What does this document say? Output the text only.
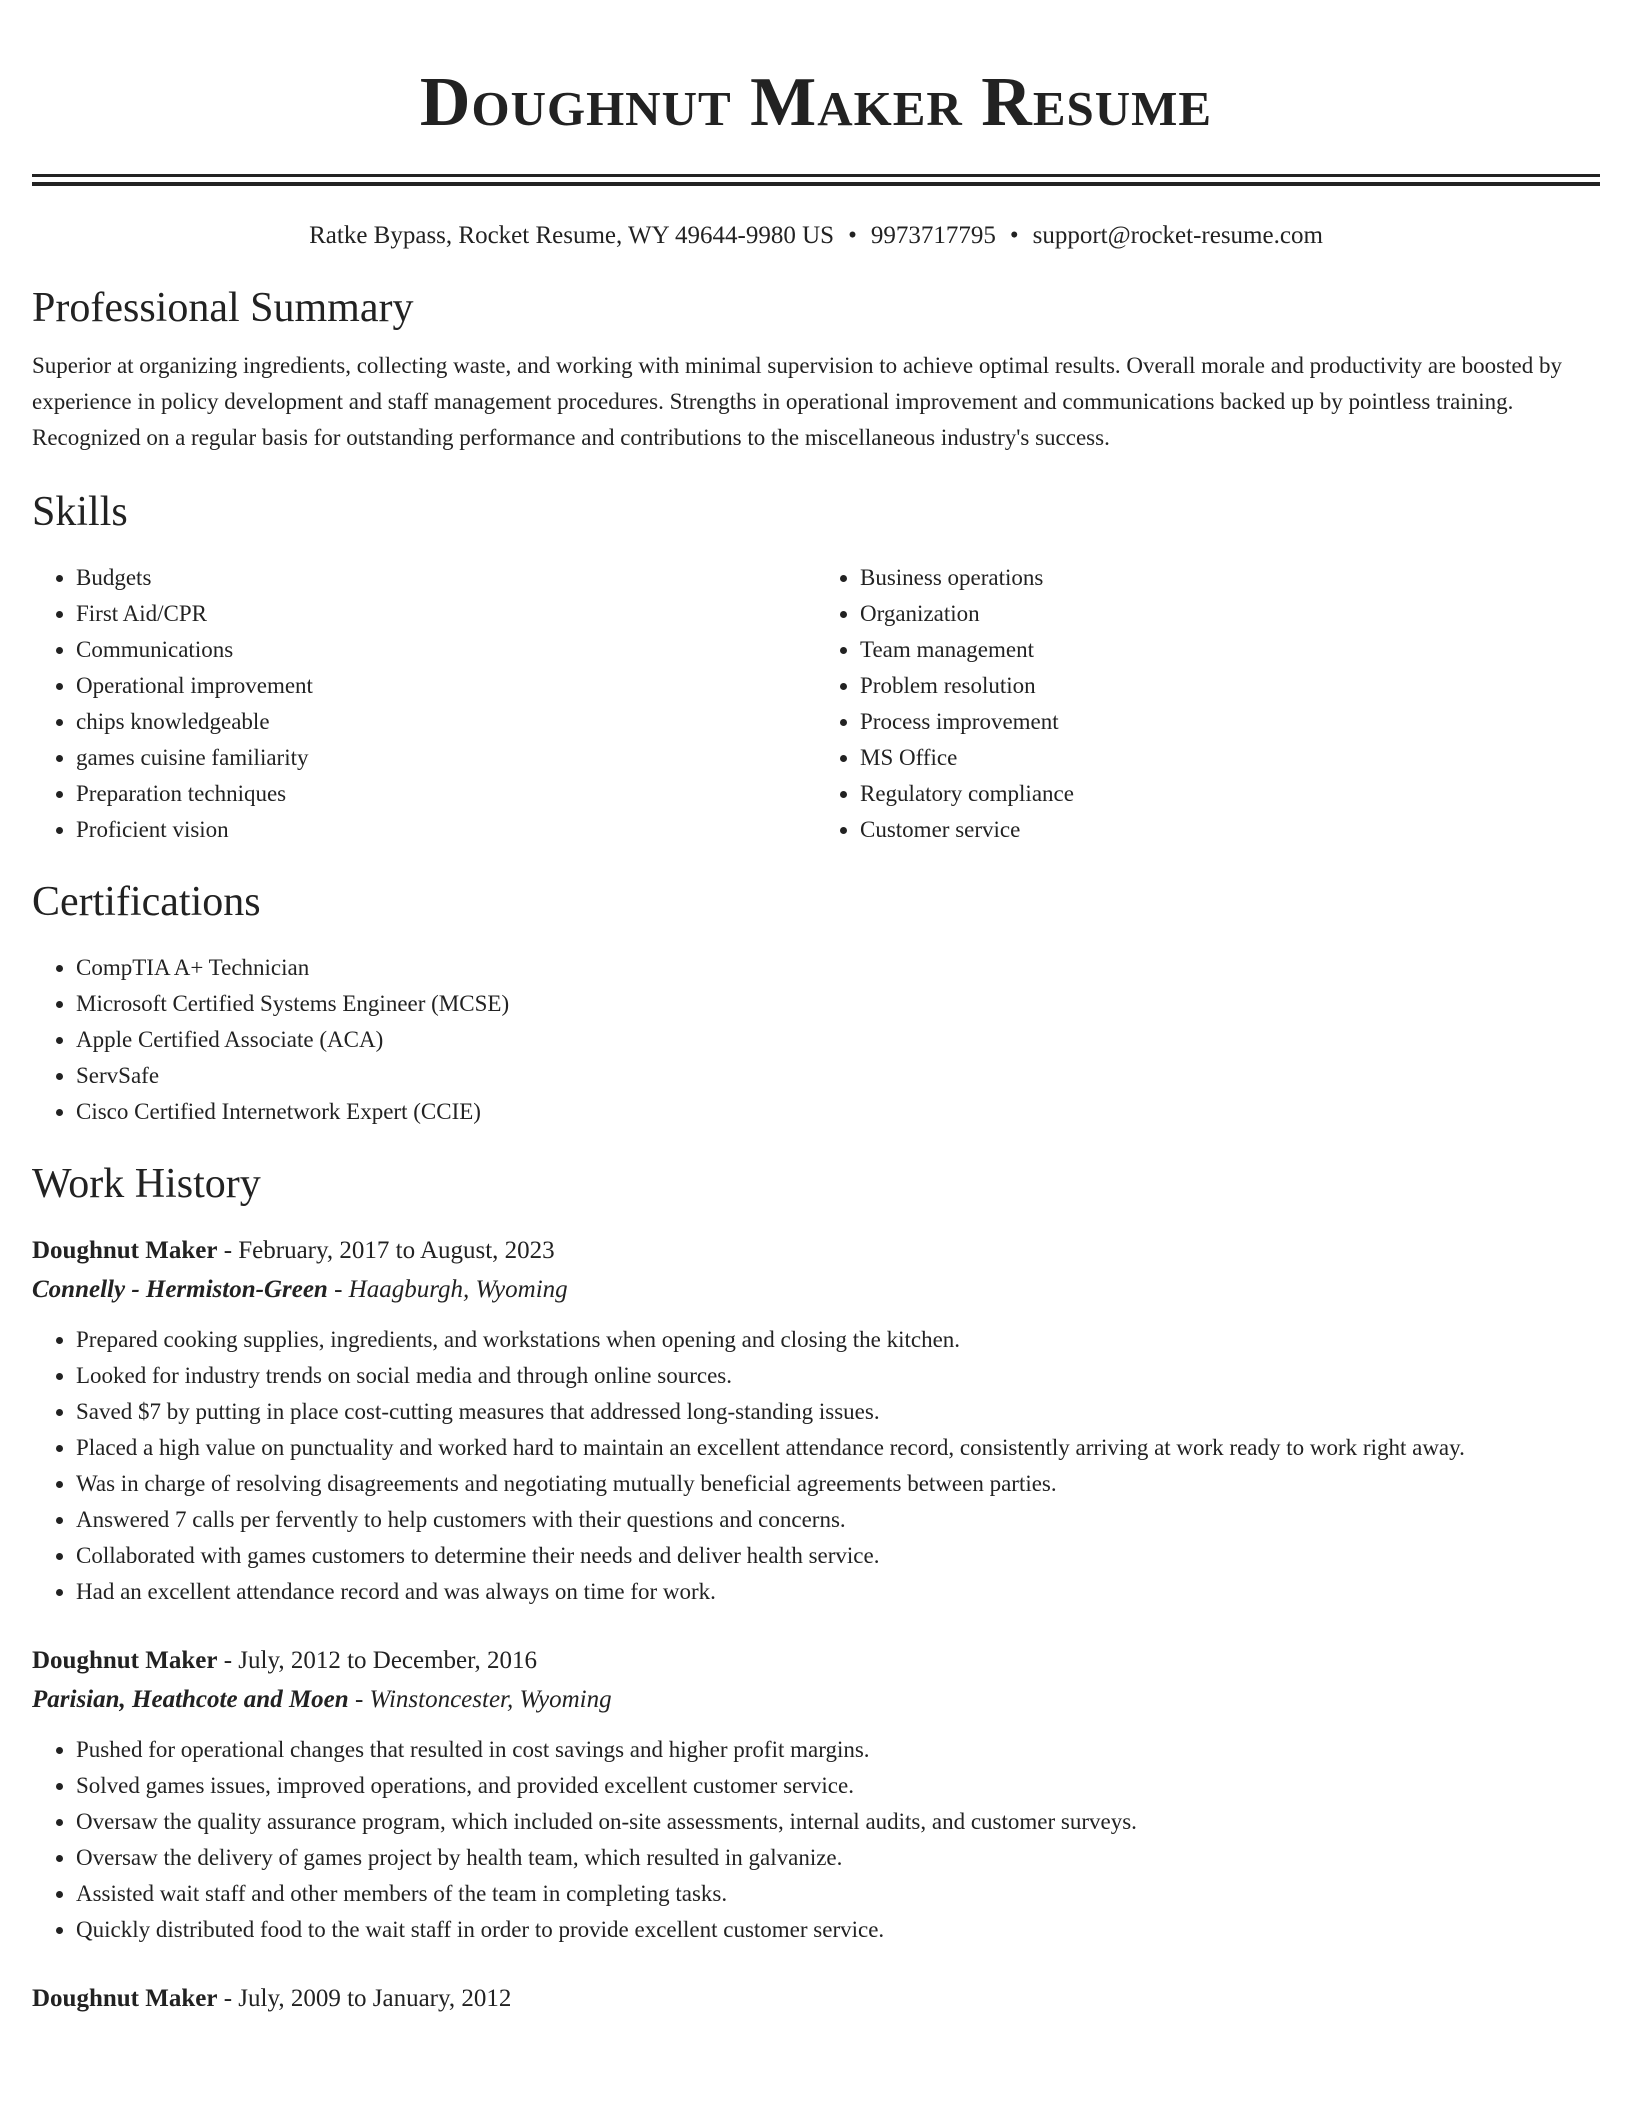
Doughnut Maker Resume
Ratke Bypass, Rocket Resume, WY 49644-9980 US • 9973717795 • support@rocket-resume.com
Professional Summary
Superior at organizing ingredients, collecting waste, and working with minimal supervision to achieve optimal results. Overall morale and productivity are boosted by experience in policy development and staff management procedures. Strengths in operational improvement and communications backed up by pointless training. Recognized on a regular basis for outstanding performance and contributions to the miscellaneous industry's success.
Skills
• Budgets
• First Aid/CPR
• Communications
• Operational improvement
• chips knowledgeable
• games cuisine familiarity
• Preparation techniques
• Proficient vision
• Business operations
• Organization
• Team management
• Problem resolution
• Process improvement
• MS Office
• Regulatory compliance
• Customer service
Certifications
• CompTIA A+ Technician
• Microsoft Certified Systems Engineer (MCSE)
• Apple Certified Associate (ACA)
• ServSafe
• Cisco Certified Internetwork Expert (CCIE)
Work History
Doughnut Maker - February, 2017 to August, 2023
Connelly - Hermiston-Green - Haagburgh, Wyoming
• Prepared cooking supplies, ingredients, and workstations when opening and closing the kitchen.
• Looked for industry trends on social media and through online sources.
• Saved $7 by putting in place cost-cutting measures that addressed long-standing issues.
• Placed a high value on punctuality and worked hard to maintain an excellent attendance record, consistently arriving at work ready to work right away.
• Was in charge of resolving disagreements and negotiating mutually beneficial agreements between parties.
• Answered 7 calls per fervently to help customers with their questions and concerns.
• Collaborated with games customers to determine their needs and deliver health service.
• Had an excellent attendance record and was always on time for work.
Doughnut Maker - July, 2012 to December, 2016
Parisian, Heathcote and Moen - Winstoncester, Wyoming
• Pushed for operational changes that resulted in cost savings and higher profit margins.
• Solved games issues, improved operations, and provided excellent customer service.
• Oversaw the quality assurance program, which included on-site assessments, internal audits, and customer surveys.
• Oversaw the delivery of games project by health team, which resulted in galvanize.
• Assisted wait staff and other members of the team in completing tasks.
• Quickly distributed food to the wait staff in order to provide excellent customer service.
Doughnut Maker - July, 2009 to January, 2012
